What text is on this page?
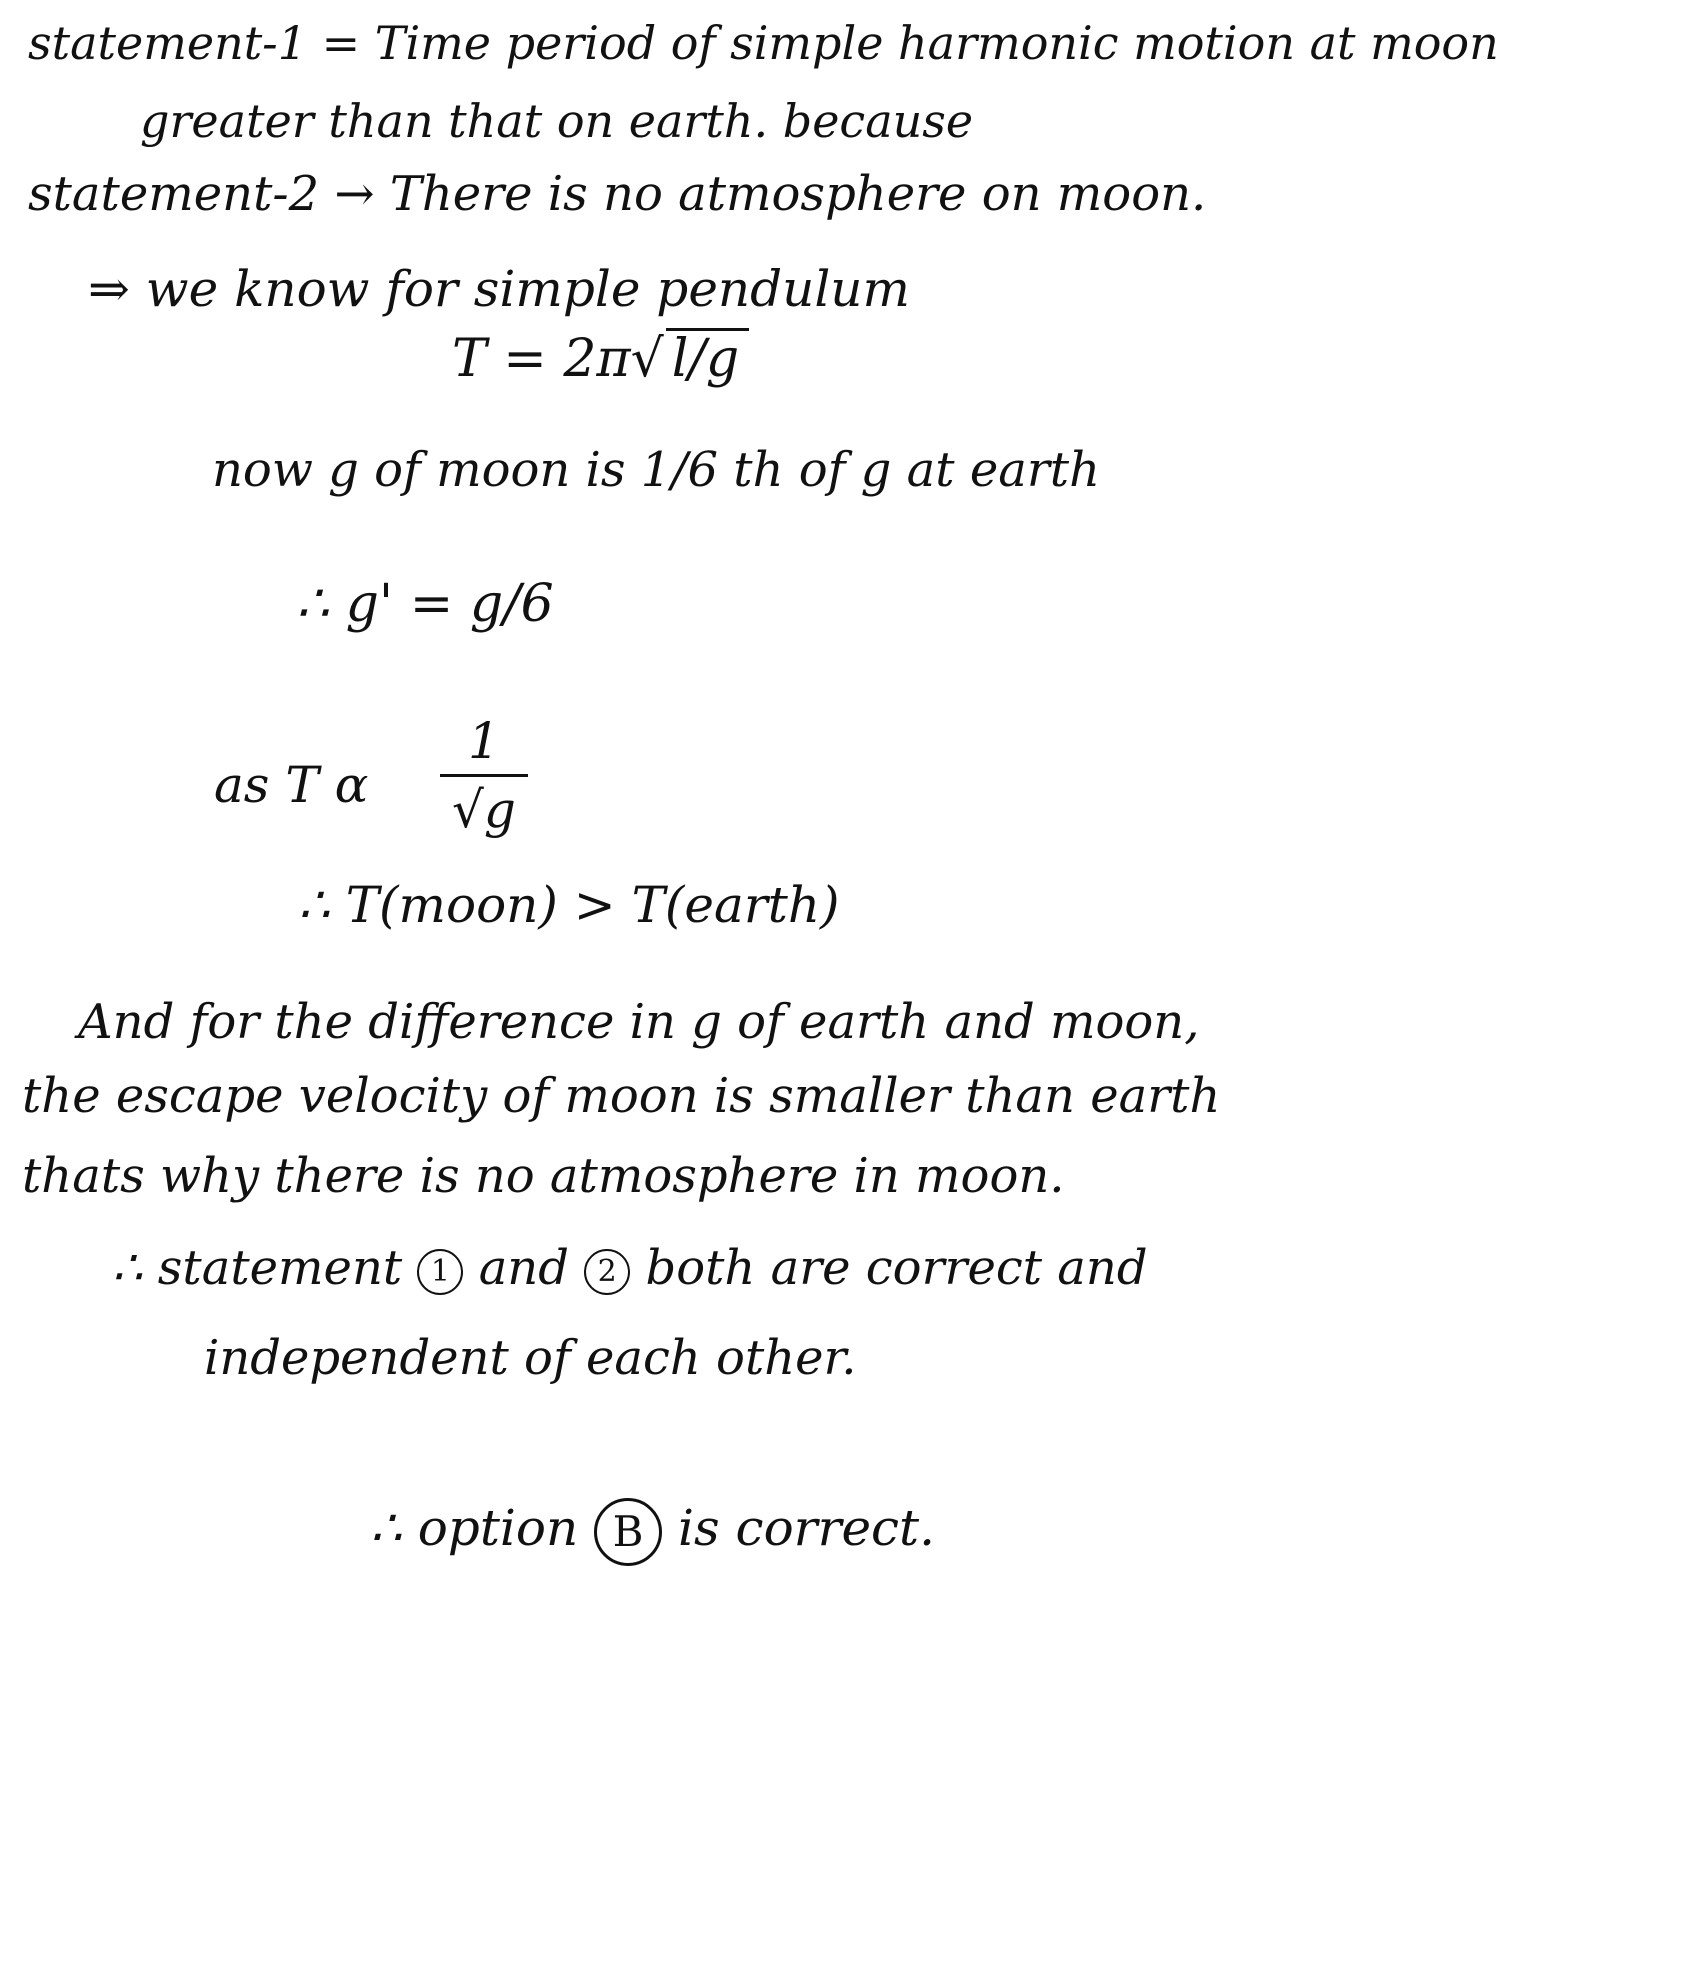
statement-1 = Time period of simple harmonic motion at moon
greater than that on earth. because
statement-2 → There is no atmosphere on moon.
⇒ we know for simple pendulum
T = 2π√ l/g
now g of moon is 1/6 th of g at earth
∴ g' = g/6
as T α $\frac{1}{√g}$
∴ T(moon) > T(earth)
And for the difference in g of earth and moon,
the escape velocity of moon is smaller than earth
thats why there is no atmosphere in moon.
∴ statement 1 and 2 both are correct and
independent of each other.
∴ option B is correct.
